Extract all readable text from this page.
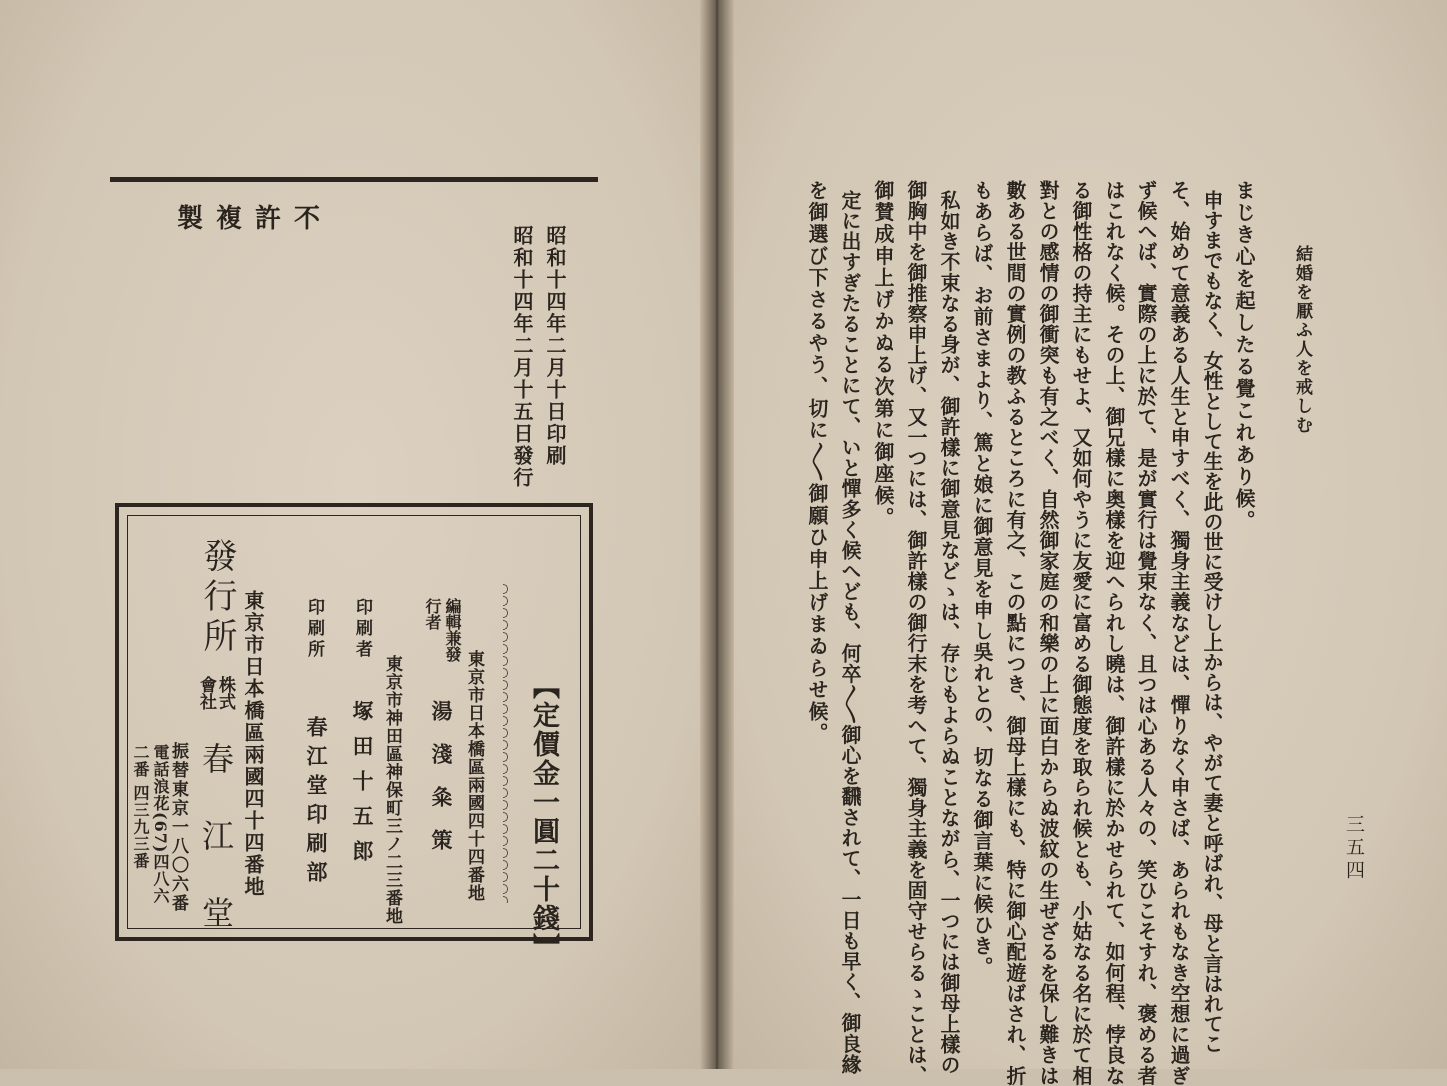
不許複製
昭和十四年二月十日印刷
昭和十四年二月十五日發行
【定價金一圓二十錢】
編輯兼發行者
東京市日本橋區兩國四十四番地
湯淺粂策
印刷者
東京市神田區神保町三ノ二三番地
塚田十五郎
印刷所
春江堂印刷部
發行所 東京市日本橋區兩國四十四番地
株式會社
春江堂
振替東京一八〇六番
電話浪花(67)四八六二番 四三九三番	三五四
結婚を厭ふ人を戒しむ
まじき心を起したる覺これあり候。
申すまでもなく、女性として生を此の世に受けし上からは、やがて妻と呼ばれ、母と言はれてこ
そ、始めて意義ある人生と申すべく、獨身主義などは、憚りなく申さば、あられもなき空想に過ぎ
ず候へば、實際の上に於て、是が實行は覺束なく、且つは心ある人々の、笑ひこそすれ、褒める者
はこれなく候。その上、御兄樣に奥樣を迎へられし曉は、御許樣に於かせられて、如何程、悖良な
る御性格の持主にもせよ、又如何やうに友愛に富める御態度を取られ候とも、小姑なる名に於て相
對との感情の御衝突も有之べく、自然御家庭の和樂の上に面白からぬ波紋の生ぜざるを保し難きは
數ある世間の實例の教ふるところに有之、この點につき、御母上樣にも、特に御心配遊ばされ、折
もあらば、お前さまより、篤と娘に御意見を申し吳れとの、切なる御言葉に候ひき。
私如き不束なる身が、御許樣に御意見などゝは、存じもよらぬことながら、一つには御母上樣の
御胸中を御推察申上げ、又一つには、御許樣の御行末を考へて、獨身主義を固守せらるゝことは、
御賛成申上げかぬる次第に御座候。
定に出すぎたることにて、いと憚多く候へども、何卒〳〵御心を飜されて、一日も早く、御良緣
を御選び下さるやう、切に〳〵御願ひ申上げまゐらせ候。
